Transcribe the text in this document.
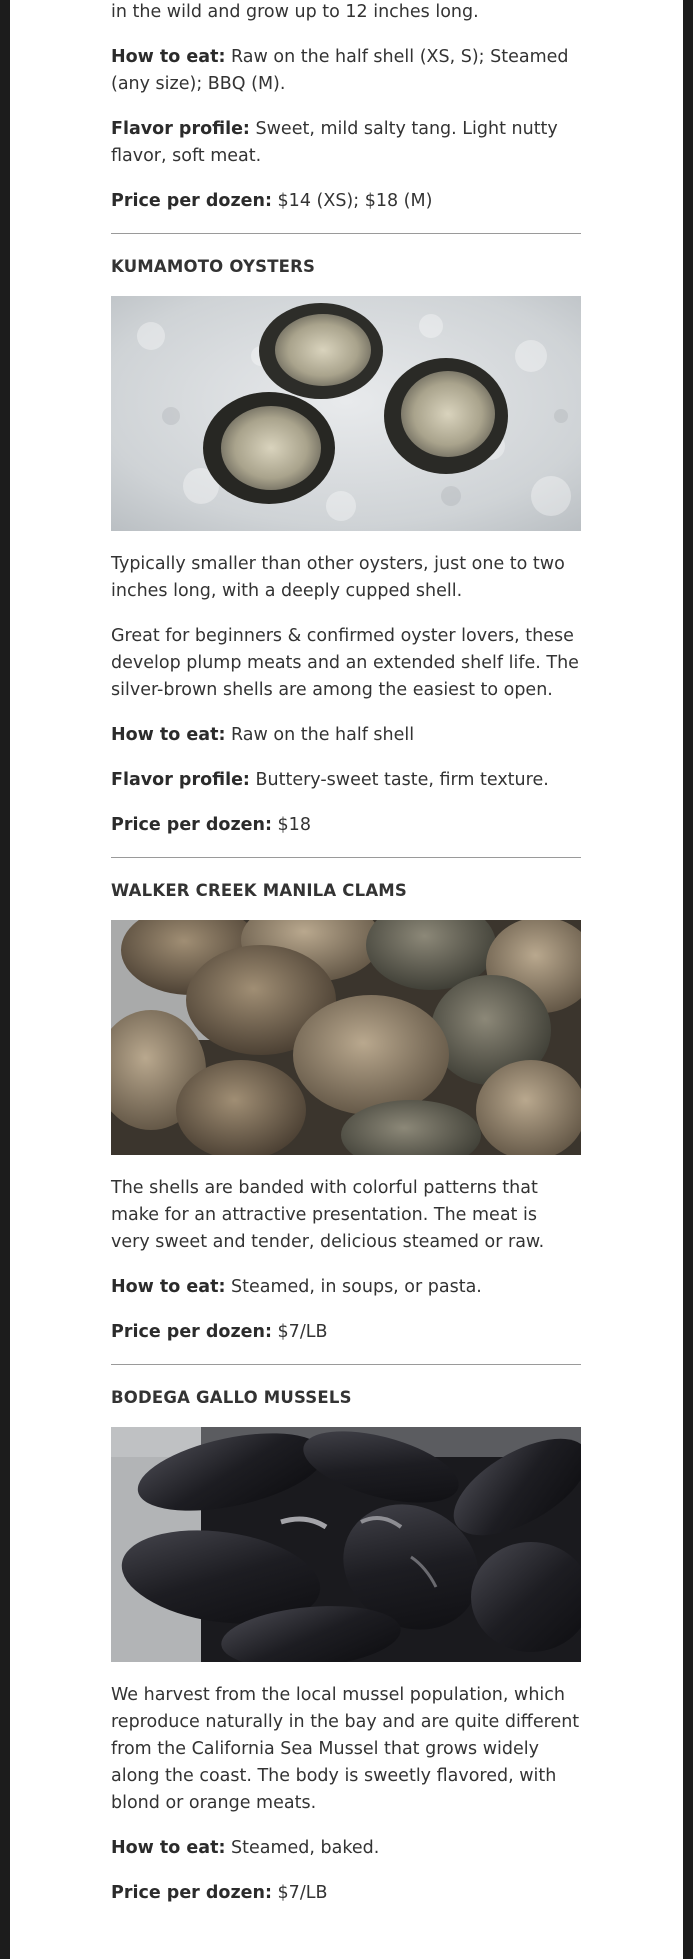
in the wild and grow up to 12 inches long.

How to eat: Raw on the half shell (XS, S); Steamed (any size); BBQ (M).

Flavor profile: Sweet, mild salty tang. Light nutty flavor, soft meat.

Price per dozen: $14 (XS); $18 (M)

KUMAMOTO OYSTERS

Typically smaller than other oysters, just one to two inches long, with a deeply cupped shell.

Great for beginners & confirmed oyster lovers, these develop plump meats and an extended shelf life. The silver-brown shells are among the easiest to open.

How to eat: Raw on the half shell

Flavor profile: Buttery-sweet taste, firm texture.

Price per dozen: $18

WALKER CREEK MANILA CLAMS

The shells are banded with colorful patterns that make for an attractive presentation. The meat is very sweet and tender, delicious steamed or raw.

How to eat: Steamed, in soups, or pasta.

Price per dozen: $7/LB

BODEGA GALLO MUSSELS

We harvest from the local mussel population, which reproduce naturally in the bay and are quite different from the California Sea Mussel that grows widely along the coast. The body is sweetly flavored, with blond or orange meats.

How to eat: Steamed, baked.

Price per dozen: $7/LB
